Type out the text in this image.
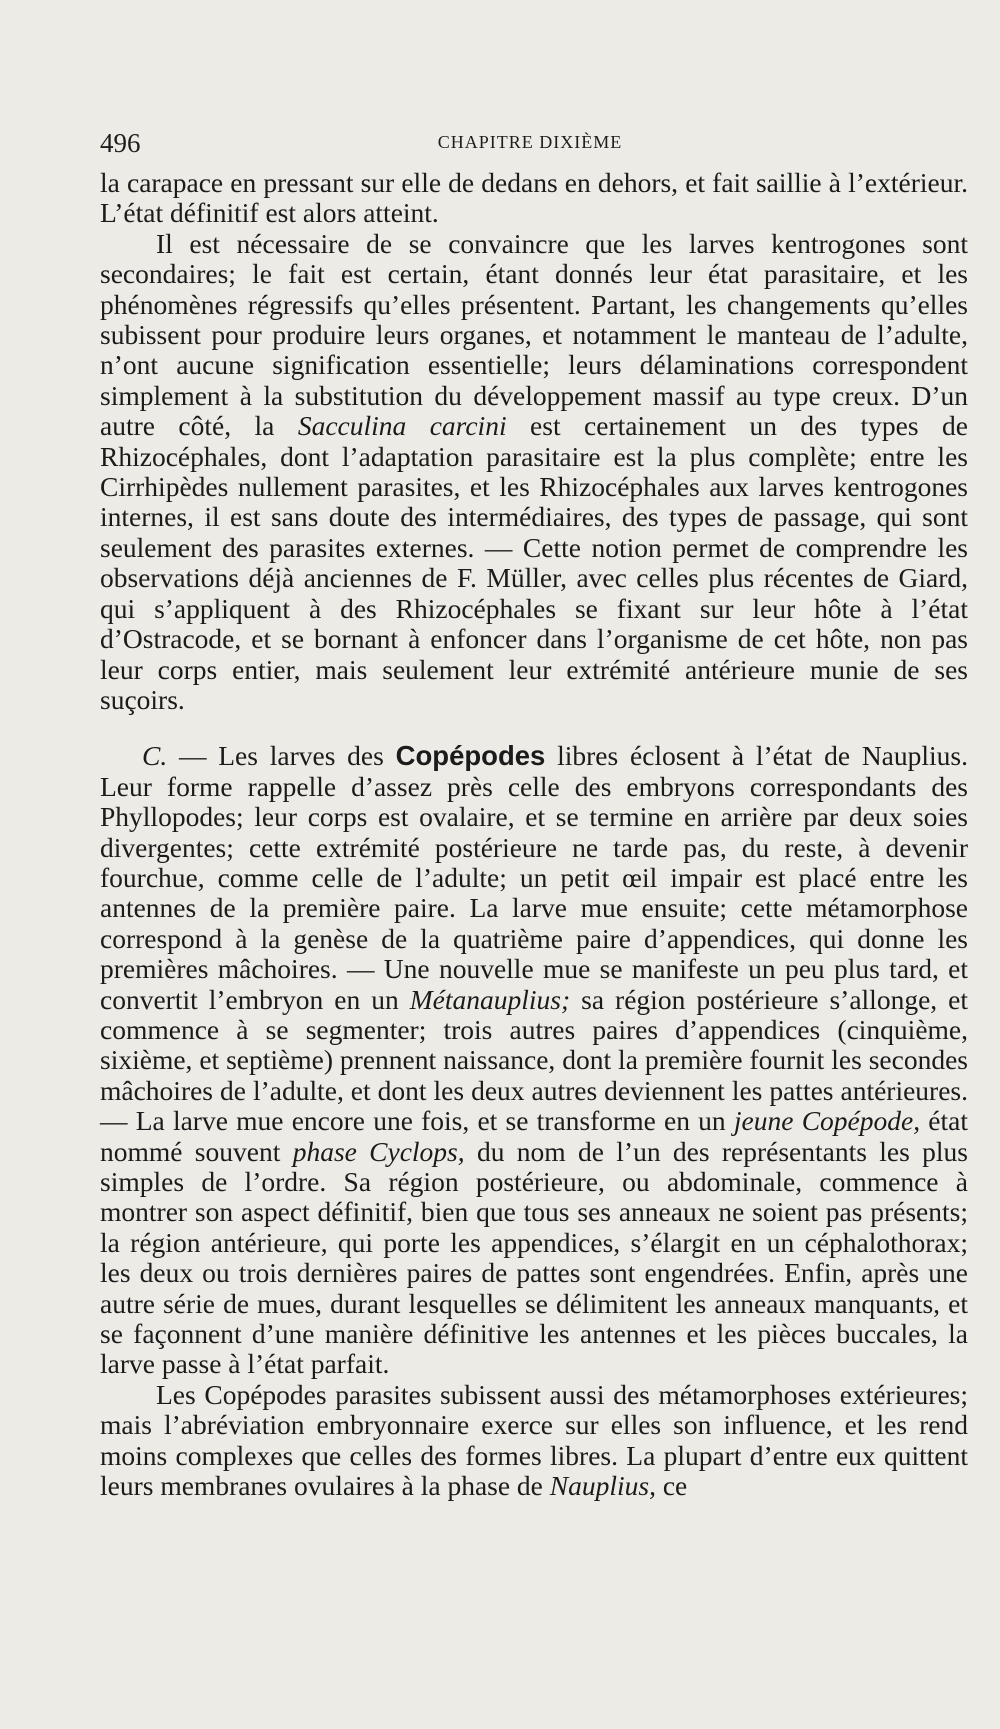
496	CHAPITRE DIXIÈME

la carapace en pressant sur elle de dedans en dehors, et fait saillie à l’extérieur. L’état définitif est alors atteint.

Il est nécessaire de se convaincre que les larves kentrogones sont secondaires; le fait est certain, étant donnés leur état parasitaire, et les phénomènes régressifs qu’elles présentent. Partant, les changements qu’elles subissent pour produire leurs organes, et notamment le manteau de l’adulte, n’ont aucune signification essentielle; leurs délaminations correspondent simplement à la substitution du développement massif au type creux. D’un autre côté, la Sacculina carcini est certainement un des types de Rhizocéphales, dont l’adaptation parasitaire est la plus complète; entre les Cirrhipèdes nullement parasites, et les Rhizocéphales aux larves kentrogones internes, il est sans doute des intermédiaires, des types de passage, qui sont seulement des parasites externes. — Cette notion permet de comprendre les observations déjà anciennes de F. Müller, avec celles plus récentes de Giard, qui s’appliquent à des Rhizocéphales se fixant sur leur hôte à l’état d’Ostracode, et se bornant à enfoncer dans l’organisme de cet hôte, non pas leur corps entier, mais seulement leur extrémité antérieure munie de ses suçoirs.

C. — Les larves des Copépodes libres éclosent à l’état de Nauplius. Leur forme rappelle d’assez près celle des embryons correspondants des Phyllopodes; leur corps est ovalaire, et se termine en arrière par deux soies divergentes; cette extrémité postérieure ne tarde pas, du reste, à devenir fourchue, comme celle de l’adulte; un petit œil impair est placé entre les antennes de la première paire. La larve mue ensuite; cette métamorphose correspond à la genèse de la quatrième paire d’appendices, qui donne les premières mâchoires. — Une nouvelle mue se manifeste un peu plus tard, et convertit l’embryon en un Métanauplius; sa région postérieure s’allonge, et commence à se segmenter; trois autres paires d’appendices (cinquième, sixième, et septième) prennent naissance, dont la première fournit les secondes mâchoires de l’adulte, et dont les deux autres deviennent les pattes antérieures. — La larve mue encore une fois, et se transforme en un jeune Copépode, état nommé souvent phase Cyclops, du nom de l’un des représentants les plus simples de l’ordre. Sa région postérieure, ou abdominale, commence à montrer son aspect définitif, bien que tous ses anneaux ne soient pas présents; la région antérieure, qui porte les appendices, s’élargit en un céphalothorax; les deux ou trois dernières paires de pattes sont engendrées. Enfin, après une autre série de mues, durant lesquelles se délimitent les anneaux manquants, et se façonnent d’une manière définitive les antennes et les pièces buccales, la larve passe à l’état parfait.

Les Copépodes parasites subissent aussi des métamorphoses extérieures; mais l’abréviation embryonnaire exerce sur elles son influence, et les rend moins complexes que celles des formes libres. La plupart d’entre eux quittent leurs membranes ovulaires à la phase de Nauplius, ce
